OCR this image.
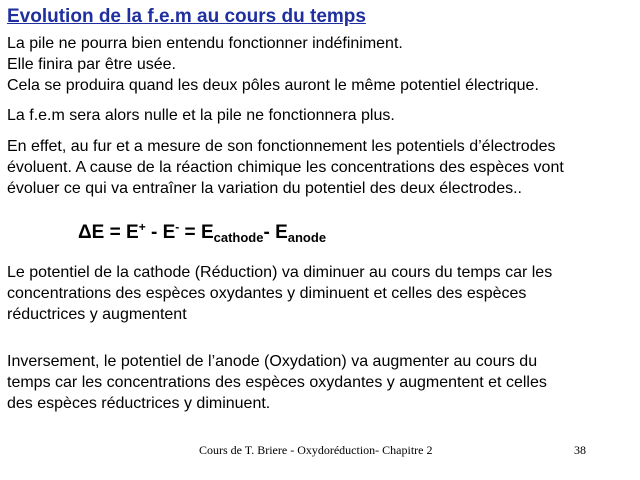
Evolution de la f.e.m au cours du temps

La pile ne pourra bien entendu fonctionner indéfiniment.
Elle finira par être usée.
Cela se produira quand les deux pôles auront le même potentiel électrique.

La f.e.m sera alors nulle et la pile ne fonctionnera plus.

En effet, au fur et a mesure de son fonctionnement les potentiels d’électrodes
évoluent. A cause de la réaction chimique les concentrations des espèces vont
évoluer ce qui va entraîner la variation du potentiel des deux électrodes..

$\Delta E = E^+ - E^- = E_{cathode}-$ $E_{anode}$

Le potentiel de la cathode (Réduction) va diminuer au cours du temps car les
concentrations des espèces oxydantes y diminuent et celles des espèces
réductrices y augmentent

Inversement, le potentiel de l’anode (Oxydation) va augmenter au cours du
temps car les concentrations des espèces oxydantes y augmentent et celles
des espèces réductrices y diminuent.

Cours de T. Briere - Oxydoréduction- Chapitre 2	38
